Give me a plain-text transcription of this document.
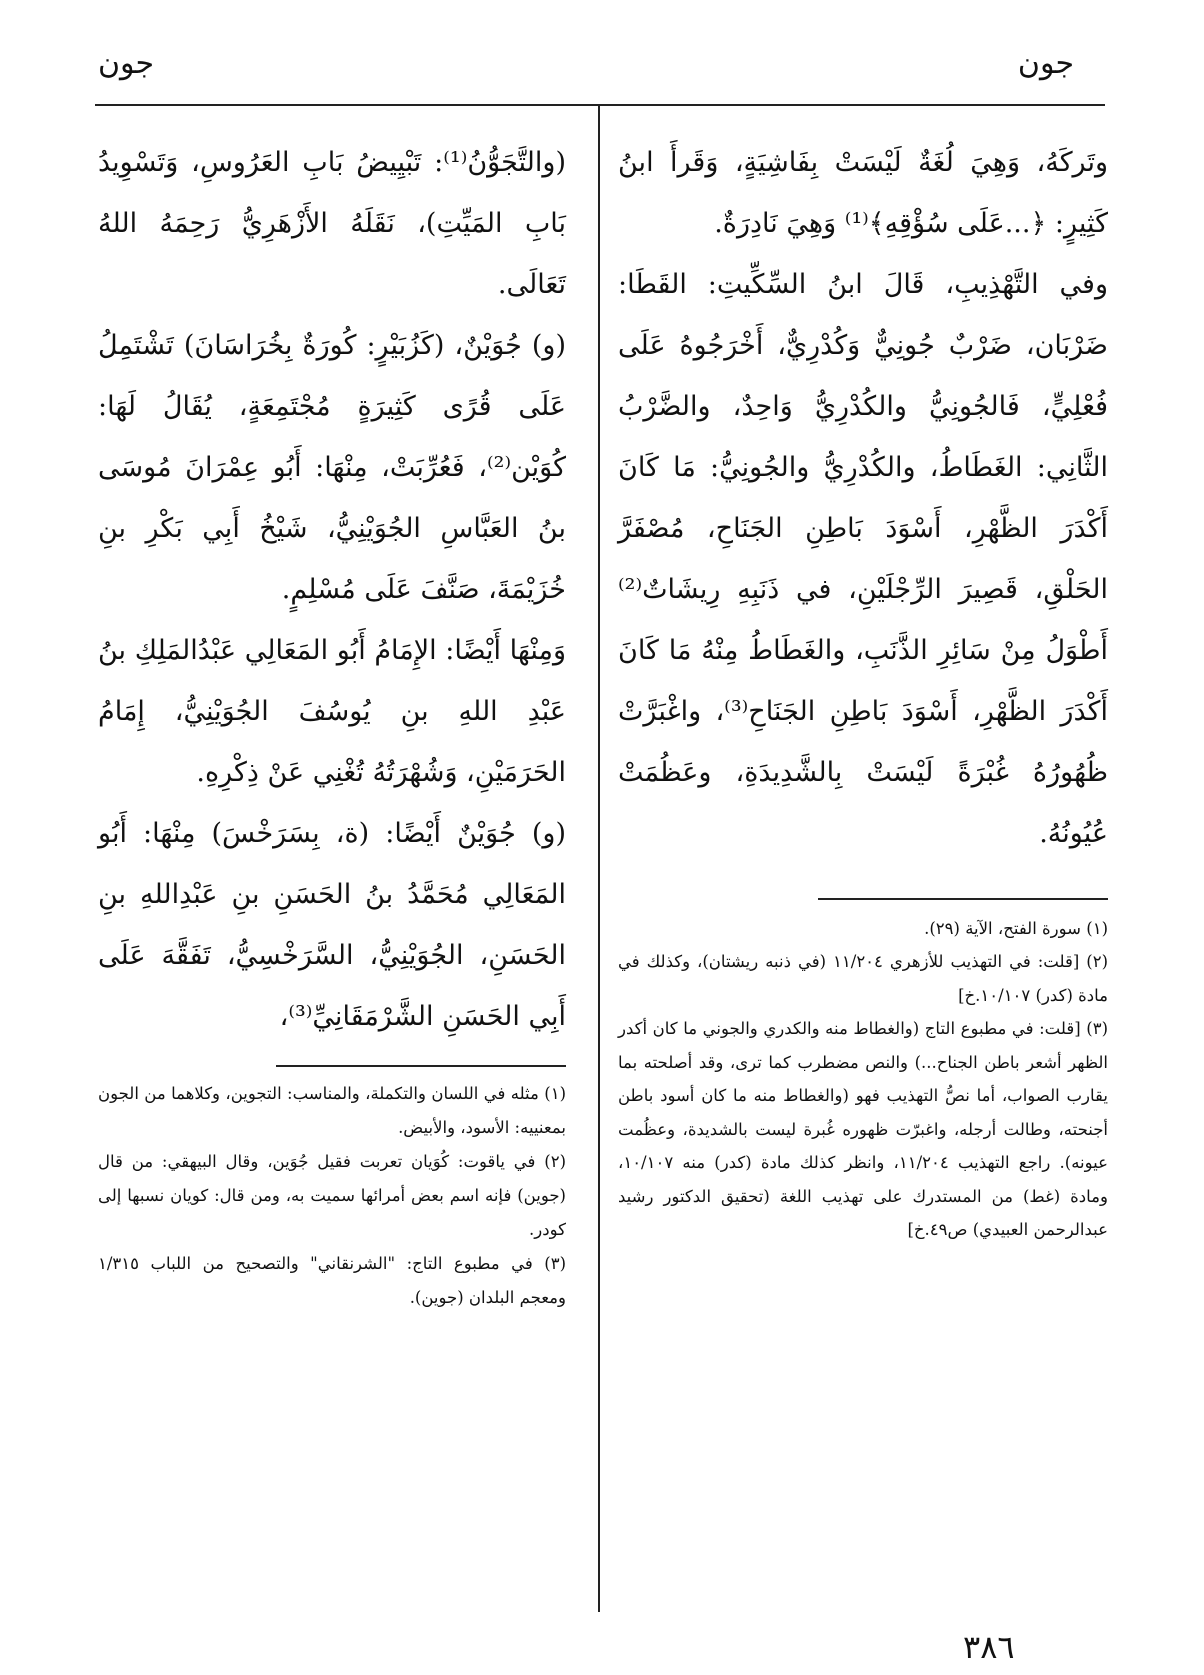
جون
جون

وتَركَهُ، وَهِيَ لُغَةٌ لَيْسَتْ بِفَاشِيَةٍ، وَقَرأَ ابنُ كَثِيرٍ: ﴿...عَلَى سُؤْقِهِ﴾⁽¹⁾ وَهِيَ نَادِرَةٌ.

وفي التَّهْذِيبِ، قَالَ ابنُ السِّكِّيتِ: القَطَا: ضَرْبَان، ضَرْبٌ جُونِيٌّ وَكُدْرِيٌّ، أَخْرَجُوهُ عَلَى فُعْلِيٍّ، فَالجُونِيُّ والكُدْرِيُّ وَاحِدٌ، والضَّرْبُ الثَّانِي: الغَطَاطُ، والكُدْرِيُّ والجُونِيُّ: مَا كَانَ أَكْدَرَ الظَّهْرِ، أَسْوَدَ بَاطِنِ الجَنَاحِ، مُصْفَرَّ الحَلْقِ، قَصِيرَ الرِّجْلَيْنِ، في ذَنَبِهِ رِيشَاتٌ⁽²⁾ أَطْوَلُ مِنْ سَائِرِ الذَّنَبِ، والغَطَاطُ مِنْهُ مَا كَانَ أَكْدَرَ الظَّهْرِ، أَسْوَدَ بَاطِنِ الجَنَاحِ⁽³⁾، واغْبَرَّتْ ظُهُورُهُ غُبْرَةً لَيْسَتْ بِالشَّدِيدَةِ، وعَظُمَتْ عُيُونُهُ.

(١) سورة الفتح، الآية (٢٩).

(٢) [قلت: في التهذيب للأزهري ١١/٢٠٤ (في ذنبه ريشتان)، وكذلك في مادة (كدر) ١٠/١٠٧.خ]

(٣) [قلت: في مطبوع التاج (والغطاط منه والكدري والجوني ما كان أكدر الظهر أشعر باطن الجناح...) والنص مضطرب كما ترى، وقد أصلحته بما يقارب الصواب، أما نصُّ التهذيب فهو (والغطاط منه ما كان أسود باطن أجنحته، وطالت أرجله، واغبرّت ظهوره غُبرة ليست بالشديدة، وعظُمت عيونه). راجع التهذيب ١١/٢٠٤، وانظر كذلك مادة (كدر) منه ١٠/١٠٧، ومادة (غط) من المستدرك على تهذيب اللغة (تحقيق الدكتور رشيد عبدالرحمن العبيدي) ص٤٩.خ]

(والتَّجَوُّنُ⁽¹⁾: تَبْيِيضُ بَابِ العَرُوسِ، وَتَسْوِيدُ بَابِ المَيِّتِ)، نَقَلَهُ الأَزْهَرِيُّ رَحِمَهُ اللهُ تَعَالَى.

(و) جُوَيْنٌ، (كَزُبَيْرٍ: كُورَةٌ بِخُرَاسَانَ) تَشْتَمِلُ عَلَى قُرًى كَثِيرَةٍ مُجْتَمِعَةٍ، يُقَالُ لَهَا: كُوَيْن⁽²⁾، فَعُرِّبَتْ، مِنْهَا: أَبُو عِمْرَانَ مُوسَى بنُ العَبَّاسِ الجُوَيْنِيُّ، شَيْخُ أَبِي بَكْرِ بنِ خُزَيْمَةَ، صَنَّفَ عَلَى مُسْلِمٍ.

وَمِنْهَا أَيْضًا: الإِمَامُ أَبُو المَعَالِي عَبْدُالمَلِكِ بنُ عَبْدِ اللهِ بنِ يُوسُفَ الجُوَيْنِيُّ، إِمَامُ الحَرَمَيْنِ، وَشُهْرَتُهُ تُغْنِي عَنْ ذِكْرِهِ.

(و) جُوَيْنٌ أَيْضًا: (ة، بِسَرَخْسَ) مِنْهَا: أَبُو المَعَالِي مُحَمَّدُ بنُ الحَسَنِ بنِ عَبْدِاللهِ بنِ الحَسَنِ، الجُوَيْنِيُّ، السَّرَخْسِيُّ، تَفَقَّهَ عَلَى أَبِي الحَسَنِ الشَّرْمَقَانِيِّ⁽³⁾،

(١) مثله في اللسان والتكملة، والمناسب: التجوين، وكلاهما من الجون بمعنييه: الأسود، والأبيض.

(٢) في ياقوت: كُوَيان تعربت فقيل جُوَين، وقال البيهقي: من قال (جوين) فإنه اسم بعض أمرائها سميت به، ومن قال: كويان نسبها إلى كودر.

(٣) في مطبوع التاج: "الشرنقاني" والتصحيح من اللباب ١/٣١٥ ومعجم البلدان (جوين).

٣٨٦
